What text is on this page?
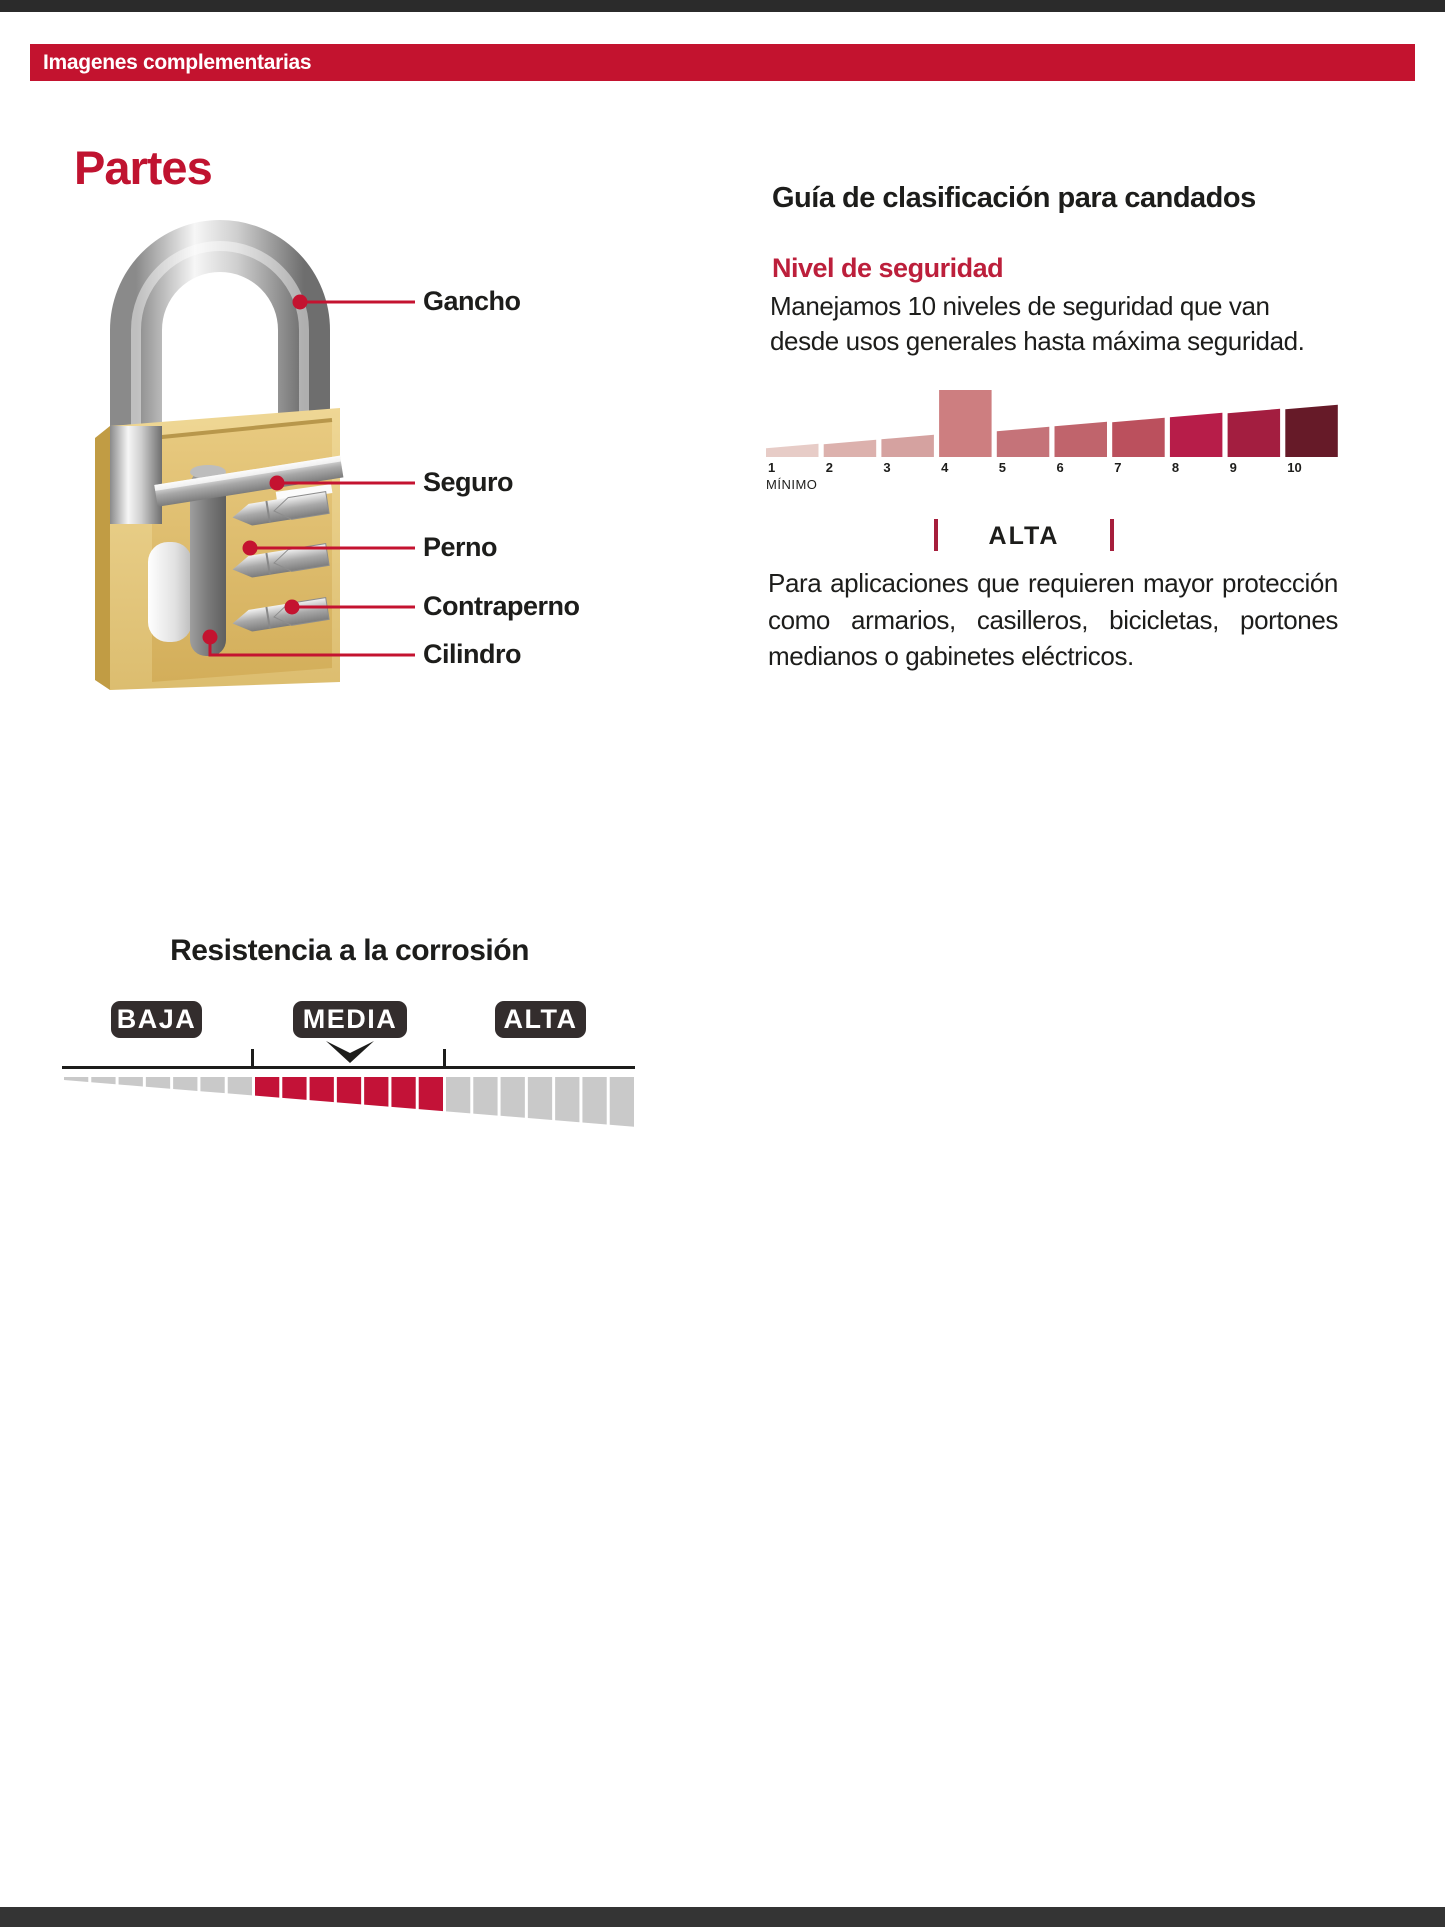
Imagenes complementarias
Partes
Gancho
Seguro
Perno
Contraperno
Cilindro
Guía de clasificación para candados
Nivel de seguridad
Manejamos 10 niveles de seguridad que van desde usos generales hasta máxima seguridad.
1	2	3	4	5	6	7	8	9	10
MÍNIMO
ALTA
Para aplicaciones que requieren mayor protección como armarios, casilleros, bicicletas, portones medianos o gabinetes eléctricos.
Resistencia a la corrosión
BAJA	MEDIA	ALTA
